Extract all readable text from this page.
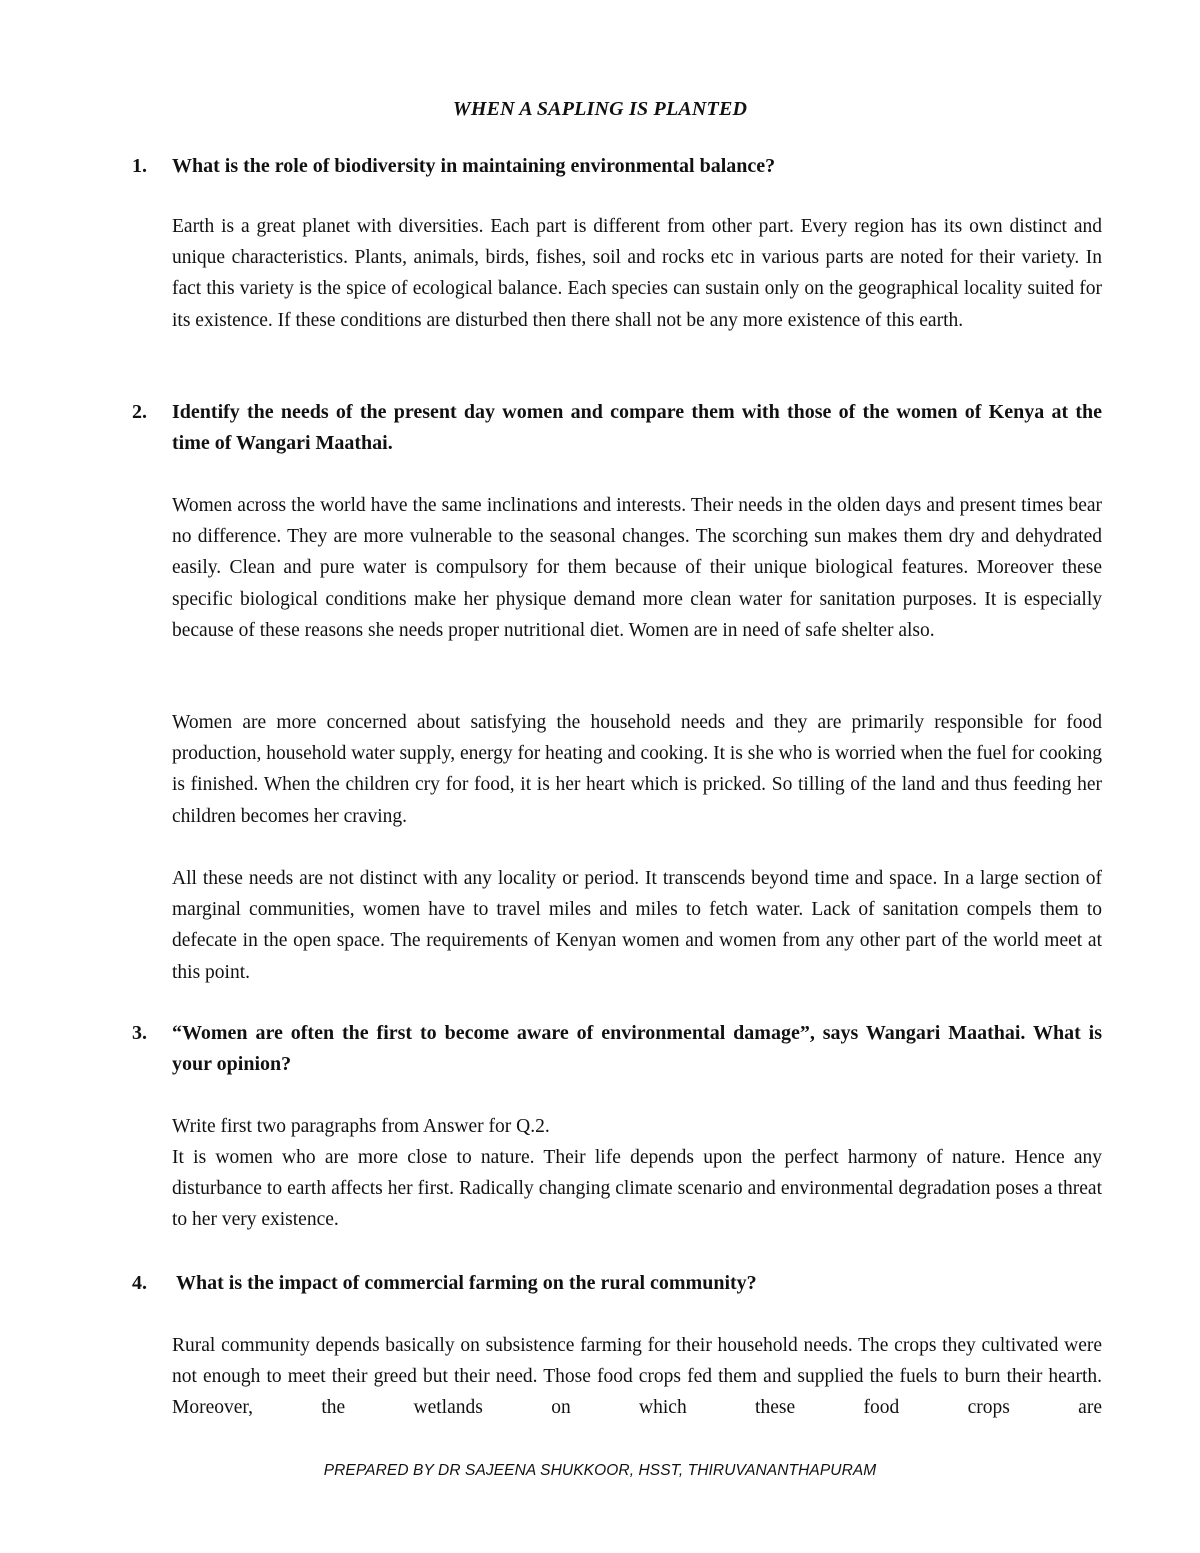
WHEN A SAPLING IS PLANTED
1.	What is the role of biodiversity in maintaining environmental balance?
Earth is a great planet with diversities. Each part is different from other part. Every region has its own distinct and unique characteristics. Plants, animals, birds, fishes, soil and rocks etc in various parts are noted for their variety. In fact this variety is the spice of ecological balance. Each species can sustain only on the geographical locality suited for its existence. If these conditions are disturbed then there shall not be any more existence of this earth.
2.	Identify the needs of the present day women and compare them with those of the women of Kenya at the time of Wangari Maathai.
Women across the world have the same inclinations and interests. Their needs in the olden days and present times bear no difference. They are more vulnerable to the seasonal changes. The scorching sun makes them dry and dehydrated easily. Clean and pure water is compulsory for them because of their unique biological features. Moreover these specific biological conditions make her physique demand more clean water for sanitation purposes. It is especially because of these reasons she needs proper nutritional diet. Women are in need of safe shelter also.
Women are more concerned about satisfying the household needs and they are primarily responsible for food production, household water supply, energy for heating and cooking. It is she who is worried when the fuel for cooking is finished. When the children cry for food, it is her heart which is pricked. So tilling of the land and thus feeding her children becomes her craving.
All these needs are not distinct with any locality or period. It transcends beyond time and space. In a large section of marginal communities, women have to travel miles and miles to fetch water. Lack of sanitation compels them to defecate in the open space. The requirements of Kenyan women and women from any other part of the world meet at this point.
3.	“Women are often the first to become aware of environmental damage”, says Wangari Maathai. What is your opinion?
Write first two paragraphs from Answer for Q.2.
It is women who are more close to nature. Their life depends upon the perfect harmony of nature. Hence any disturbance to earth affects her first. Radically changing climate scenario and environmental degradation poses a threat to her very existence.
4.	What is the impact of commercial farming on the rural community?
Rural community depends basically on subsistence farming for their household needs. The crops they cultivated were not enough to meet their greed but their need. Those food crops fed them and supplied the fuels to burn their hearth. Moreover, the wetlands on which these food crops are
PREPARED BY DR SAJEENA SHUKKOOR, HSST, THIRUVANANTHAPURAM
